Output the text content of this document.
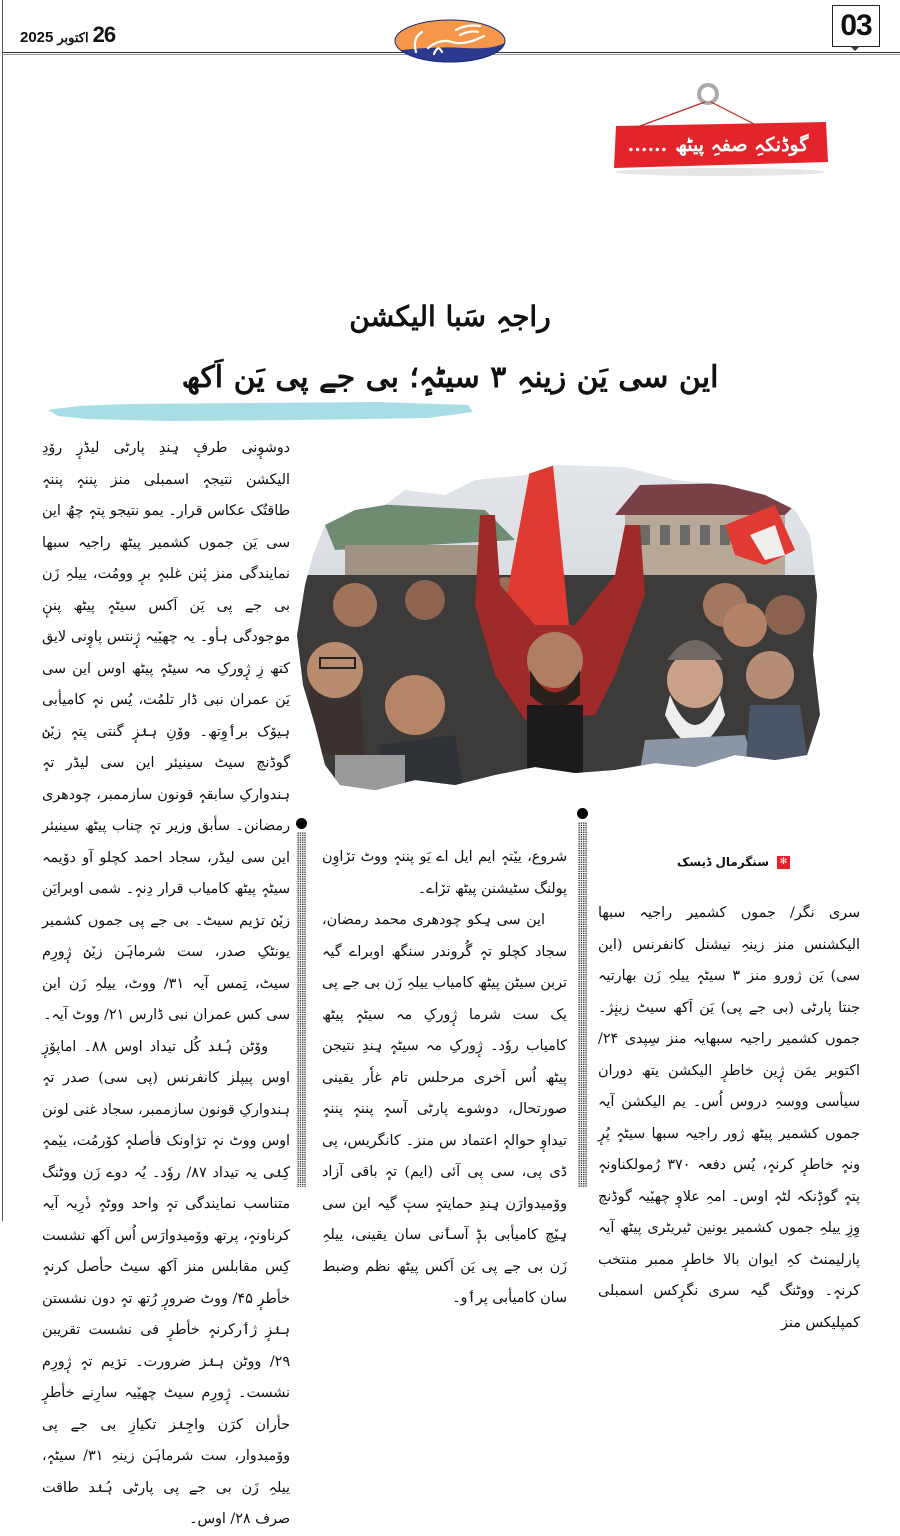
2025 اکتوبر 26	03
گوڈنکہِ صفہِ پیٹھ
......
راجہِ سَبا الیکشن
این سی یَن زینہِ ۳ سیٹہٕ؛ بی جے پی یَن اَکھ
✻
سنگرمال ڈیسک

سری نگر/ جموں کشمیر راجیہ سبھا الیکشنس منز زینہِ نیشنل کانفرنس (این سی) یَن ژورو منز ۳ سیٹہٕ ییلہِ زَن بھارتیہ جنتا پارٹی (بی جے پی) یَن اَکھ سیٹ زینٕژ۔ جموں کشمیر راجیہ سبھایہ منز سِپدی ۲۴/ اکتوبر یمَن ژٕین خاطرٕ الیکشن یتھ دوران سیأسی ووسہِ دروس اُس۔ یم الیکشن آیہ جموں کشمیر پیٹھ ژور راجیہ سبھا سیٹہٕ پُرٕ ونہٕ خاطرٕ کرنہٕ، یُس دفعہ ۳۷۰ رُمولکناونہٕ پتہٕ گوڈٕنکہ لٹہٕ اوس۔ امہِ علاوٕ چھیٚیہ گوڈنچ وِزِ ییلہِ جموں کشمیر یونین ٹیریٹری پیٹھ آیہ پارلیمنٹ کہِ ایوان بالا خاطرٕ ممبر منتخب کرنہٕ۔ ووٹنگ گیہ سری نگرٕکس اسمبلی کمپلیکس منز

شروع، ییٚتہٕ ایم ایل اے یَو پننہٕ ووٹ ترٚاوِن پولنگ سٹیشنن پیٹھ ترٚاے۔

این سی ہِکو چودھری محمد رمضان، سجاد کچلو تہٕ گُروندر سنگھ اوبراے گیہ تربن سیٹن پیٹھ کامیاب ییلہِ زَن بی جے پی یک ست شرما ژٕورکِ مہ سیٹہٕ پیٹھ کامیاب روٗد۔ ژٕورکِ مہ سیٹہٕ ہِندِ نتیجن پیٹھ اُس اَخری مرحلس تام غاٗر یقینی صورتحال، دوشوے پارٹی آسہٕ پننہٕ پننہٕ تیداوٕ حوالہٕ اعتماد س منز۔ کانگریس، پی ڈی پی، سی پی آئی (ایم) تہٕ باقی آزاد ووٚمیدوارَن ہِندِ حمایتہٕ ستٕ گیہ این سی ہِیٚچ کامیأبی بڈٕ آسٲنی سان یقینی، ییلہِ زَن بی جے پی یَن اَکس پیٹھ نظم وضبط سان کامیأبی پرٲو۔

دوشوٕنی طرفٕ ہِندِ پارٹی لیڈرٕ روٚدِ الیکشن نتیجہٕ اسمبلی منز پننہٕ پننہٕ طاقتُک عکاس قرار۔ یمو نتیجو پتہٕ چھُ این سی یَن جموں کشمیر پیٹھ راجیہ سبھا نمایندگی منز پٔنن غلبہٕ برٕ وومُت، ییلہِ زَن بی جے پی یَن اَکس سیٹہٕ پیٹھ پننٕ مۄجودگی ہأو۔ یہ چھیٚیہ ژٕنتس پاوٕنی لایق کتھ زِ ژٕورکِ مہ سیٹہٕ پیٹھ اوس این سی یَن عمران نبی ڈار تلمُت، یُس نہٕ کامیأبی ہیوٚک برٲوِتھ۔ ووٚنِ ہنٛزٕ گنتی پتہٕ زیٚنٛ گوڈنچ سیٹ سینیئر این سی لیڈر تہٕ ہندوارکِ سابقہٕ قونون سازممبر، چودھری رمضانن۔ سأبق وزیر تہٕ چناب پیٹھ سینیئر این سی لیڈر، سجاد احمد کچلو آو دوٚیمہ سیٹہٕ پیٹھ کامیاب قرار دِنہٕ۔ شمی اوبرایَن زیٚنٛ ترٛیم سیٹ۔ بی جے پی جموں کشمیر یونٹکِ صدر، ست شرماہَن زیٚنٛ ژٕورِم سیٹ، تِمس آیہ ۳۱/ ووٹ، ییلہِ زَن این سی کس عمران نبی ڈارس ۲۱/ ووٹ آیہ۔

ووٚٹن ہُنٛد کُل تیداد اوس ۸۸۔ اماپوٚزٕ اوس پیپلز کانفرنس (پی سی) صدر تہٕ ہندوارکِ قونون سازممبر، سجاد غنی لونن اوس ووٹ نہٕ ترٛاونک فأصلہٕ کوٚرمُت، ییٚمہٕ کِنٛی یہ تیداد ۸۷/ روٗد۔ یُہ دوے زَن ووٹنگ متناسب نمایندگی تہٕ واحد ووٹہٕ ذٔرِیہ آیہ کرناونہٕ، پرتھ ووٚمیدوارَس اُس اَکھ نشست کِس مقابلس منز اَکھ سیٹ حأصل کرنہٕ خأطرٕ ۴۵/ ووٹ ضرورٕ رُتھ تہٕ دون نشستن ہنٛزٕ ژٲرکرنہٕ خأطرٕ فی نشست تقریبن ۲۹/ ووٹن ہنٛز ضرورت۔ ترٛیم تہٕ ژٕورِم نشست۔ ژٕورِم سیٹ چھیٚیہ سارِنے خأطرٕ حأران کرَن واجِنٛز تکیازِ بی جے پی ووٚمیدوار، ست شرماہَن زینہِ ۳۱/ سیٹہٕ، ییلہِ زَن بی جے پی پارٹی ہُنٛد طاقت صرف ۲۸/ اوس۔
